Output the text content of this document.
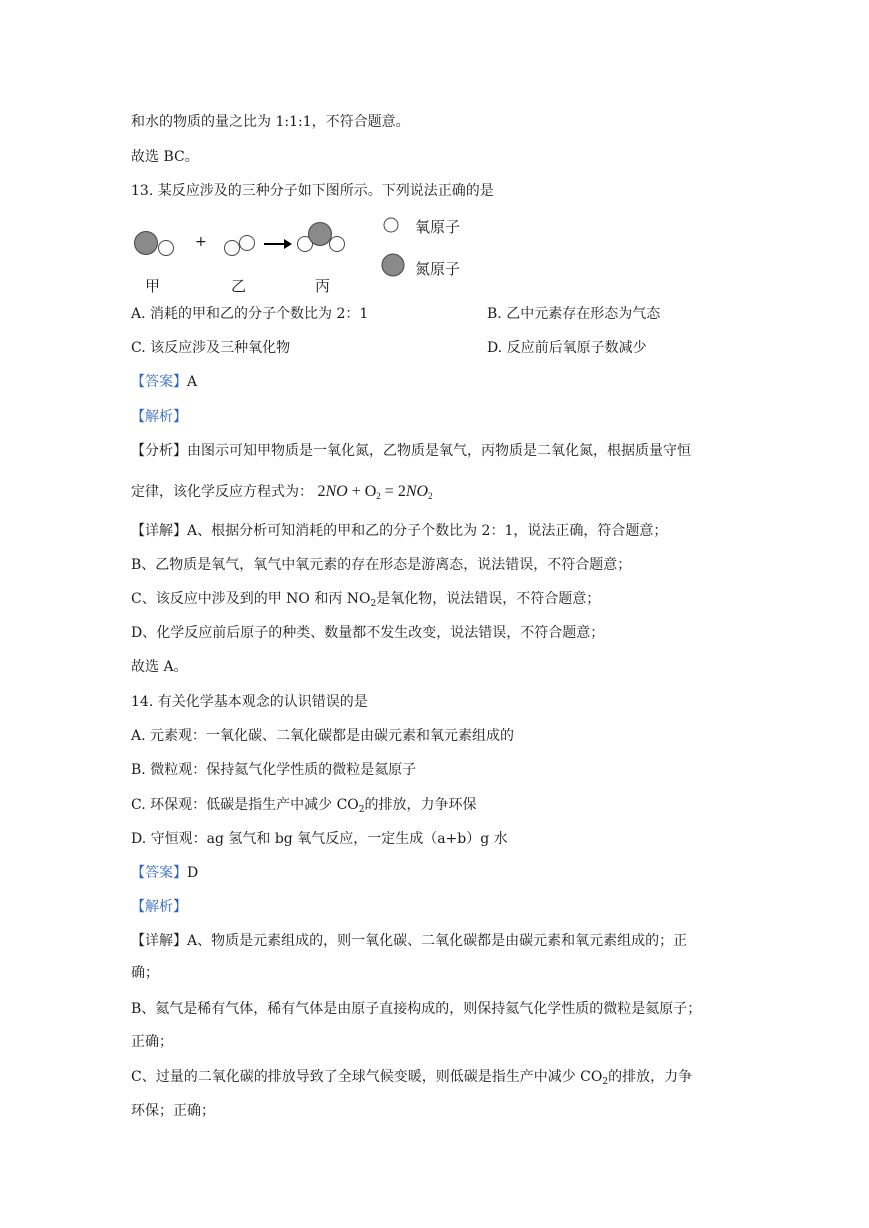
和水的物质的量之比为 1:1:1，不符合题意。
故选 BC。
13. 某反应涉及的三种分子如下图所示。下列说法正确的是
+
甲	乙	丙
氧原子
氮原子
A. 消耗的甲和乙的分子个数比为 2：1	B. 乙中元素存在形态为气态
C. 该反应涉及三种氧化物	D. 反应前后氧原子数减少
【答案】A
【解析】
【分析】由图示可知甲物质是一氧化氮，乙物质是氧气，丙物质是二氧化氮，根据质量守恒
定律，该化学反应方程式为： $2NO + O_2 = 2NO_2$
【详解】A、根据分析可知消耗的甲和乙的分子个数比为 2：1，说法正确，符合题意；
B、乙物质是氧气，氧气中氧元素的存在形态是游离态，说法错误，不符合题意；
C、该反应中涉及到的甲 NO 和丙 $NO_2$是氧化物，说法错误，不符合题意；
D、化学反应前后原子的种类、数量都不发生改变，说法错误，不符合题意；
故选 A。
14. 有关化学基本观念的认识错误的是
A. 元素观：一氧化碳、二氧化碳都是由碳元素和氧元素组成的
B. 微粒观：保持氦气化学性质的微粒是氦原子
C. 环保观：低碳是指生产中减少 $CO_2$的排放，力争环保
D. 守恒观：ag 氢气和 bg 氧气反应，一定生成（a+b）g 水
【答案】D
【解析】
【详解】A、物质是元素组成的，则一氧化碳、二氧化碳都是由碳元素和氧元素组成的；正
确；
B、氦气是稀有气体，稀有气体是由原子直接构成的，则保持氦气化学性质的微粒是氦原子；
正确；
C、过量的二氧化碳的排放导致了全球气候变暖，则低碳是指生产中减少 $CO_2$的排放，力争
环保；正确；
